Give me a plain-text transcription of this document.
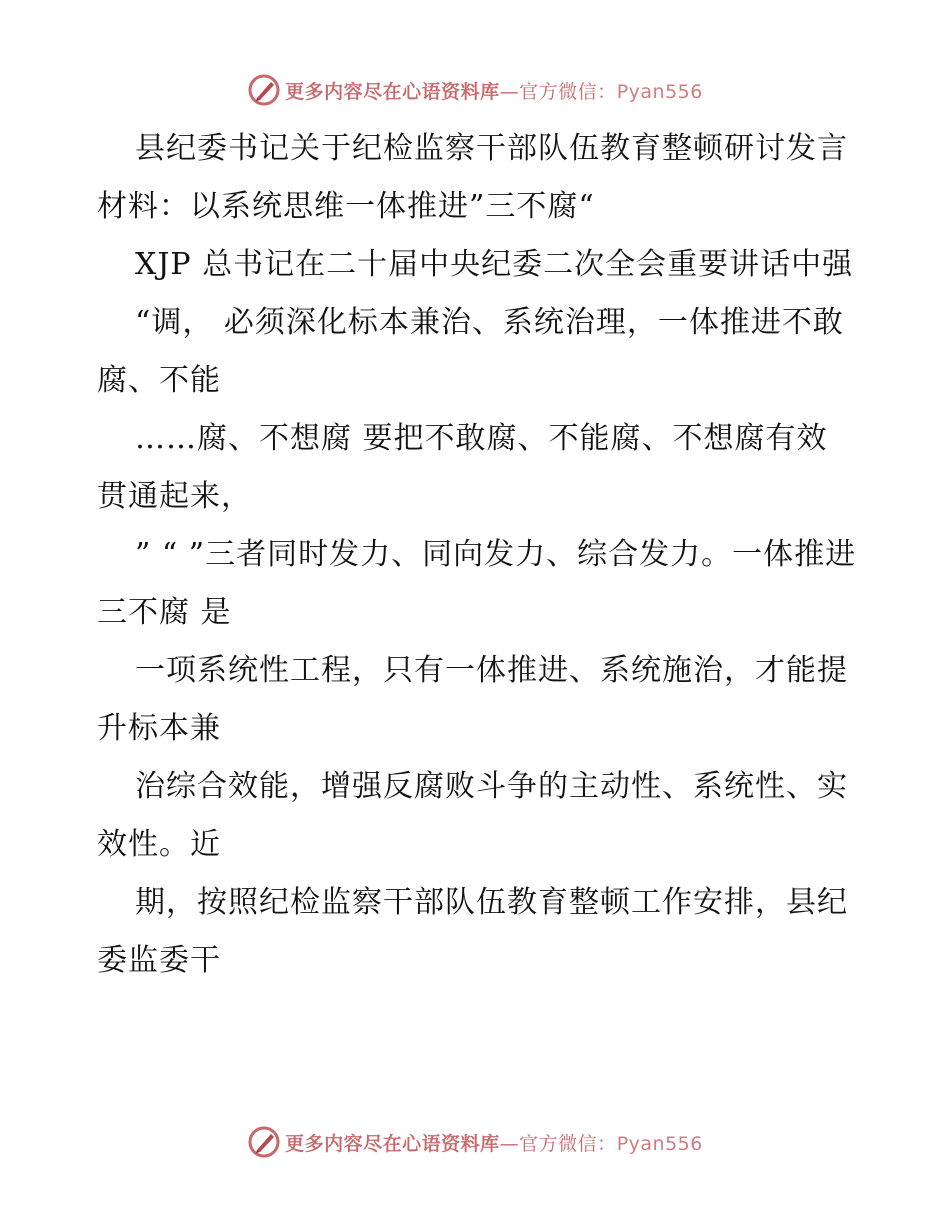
更多内容尽在心语资料库—官方微信：Pyan556

县纪委书记关于纪检监察干部队伍教育整顿研讨发言材料：以系统思维一体推进”三不腐“

XJP 总书记在二十届中央纪委二次全会重要讲话中强

“调， 必须深化标本兼治、系统治理，一体推进不敢腐、不能

……腐、不想腐 要把不敢腐、不能腐、不想腐有效贯通起来，

” “ ”三者同时发力、同向发力、综合发力。一体推进 三不腐 是

一项系统性工程，只有一体推进、系统施治，才能提升标本兼

治综合效能，增强反腐败斗争的主动性、系统性、实效性。近

期，按照纪检监察干部队伍教育整顿工作安排，县纪委监委干

更多内容尽在心语资料库—官方微信：Pyan556
